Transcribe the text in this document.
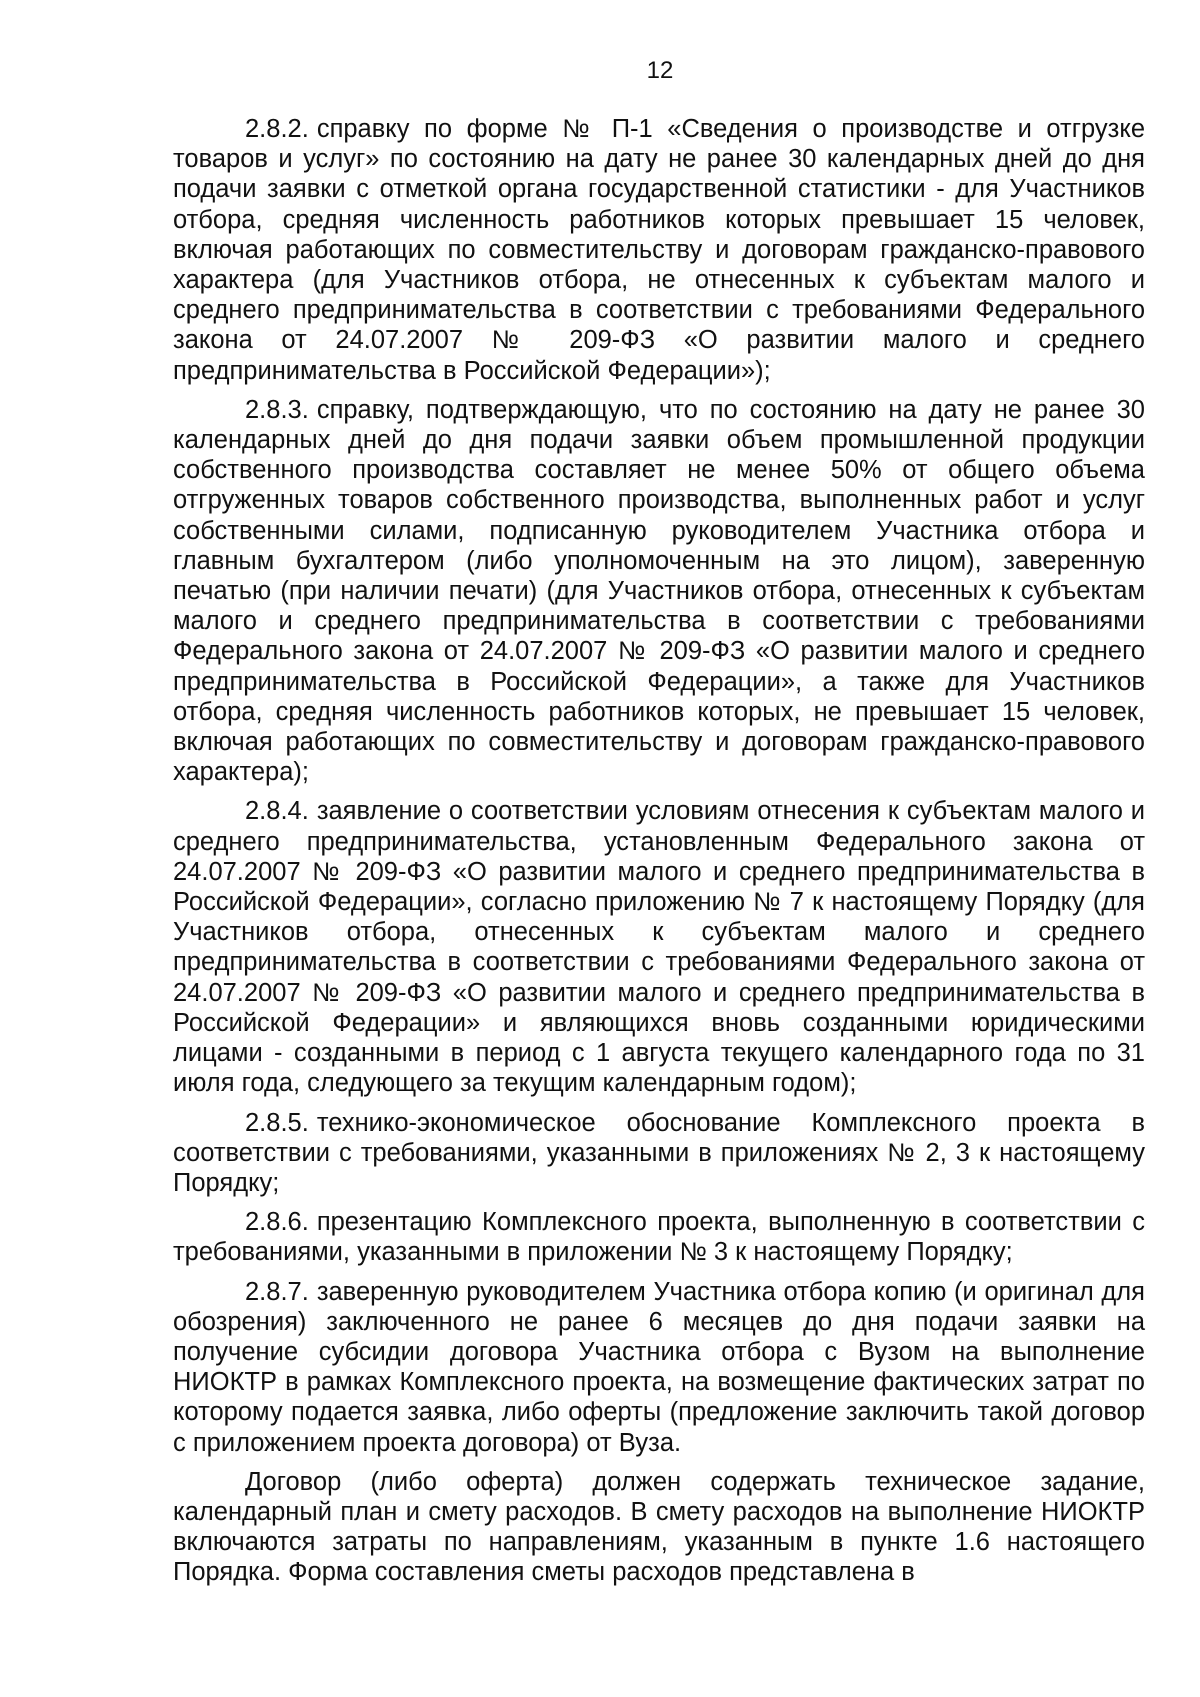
12

2.8.2. справку по форме № П-1 «Сведения о производстве и отгрузке товаров и услуг» по состоянию на дату не ранее 30 календарных дней до дня подачи заявки с отметкой органа государственной статистики - для Участников отбора, средняя численность работников которых превышает 15 человек, включая работающих по совместительству и договорам гражданско-правового характера (для Участников отбора, не отнесенных к субъектам малого и среднего предпринимательства в соответствии с требованиями Федерального закона от 24.07.2007 № 209-ФЗ «О развитии малого и среднего предпринимательства в Российской Федерации»);

2.8.3. справку, подтверждающую, что по состоянию на дату не ранее 30 календарных дней до дня подачи заявки объем промышленной продукции собственного производства составляет не менее 50% от общего объема отгруженных товаров собственного производства, выполненных работ и услуг собственными силами, подписанную руководителем Участника отбора и главным бухгалтером (либо уполномоченным на это лицом), заверенную печатью (при наличии печати) (для Участников отбора, отнесенных к субъектам малого и среднего предпринимательства в соответствии с требованиями Федерального закона от 24.07.2007 № 209-ФЗ «О развитии малого и среднего предпринимательства в Российской Федерации», а также для Участников отбора, средняя численность работников которых, не превышает 15 человек, включая работающих по совместительству и договорам гражданско-правового характера);

2.8.4. заявление о соответствии условиям отнесения к субъектам малого и среднего предпринимательства, установленным Федерального закона от 24.07.2007 № 209-ФЗ «О развитии малого и среднего предпринимательства в Российской Федерации», согласно приложению № 7 к настоящему Порядку (для Участников отбора, отнесенных к субъектам малого и среднего предпринимательства в соответствии с требованиями Федерального закона от 24.07.2007 № 209-ФЗ «О развитии малого и среднего предпринимательства в Российской Федерации» и являющихся вновь созданными юридическими лицами - созданными в период с 1 августа текущего календарного года по 31 июля года, следующего за текущим календарным годом);

2.8.5. технико-экономическое обоснование Комплексного проекта в соответствии с требованиями, указанными в приложениях № 2, 3 к настоящему Порядку;

2.8.6. презентацию Комплексного проекта, выполненную в соответствии с требованиями, указанными в приложении № 3 к настоящему Порядку;

2.8.7. заверенную руководителем Участника отбора копию (и оригинал для обозрения) заключенного не ранее 6 месяцев до дня подачи заявки на получение субсидии договора Участника отбора с Вузом на выполнение НИОКТР в рамках Комплексного проекта, на возмещение фактических затрат по которому подается заявка, либо оферты (предложение заключить такой договор с приложением проекта договора) от Вуза.

Договор (либо оферта) должен содержать техническое задание, календарный план и смету расходов. В смету расходов на выполнение НИОКТР включаются затраты по направлениям, указанным в пункте 1.6 настоящего Порядка. Форма составления сметы расходов представлена в
